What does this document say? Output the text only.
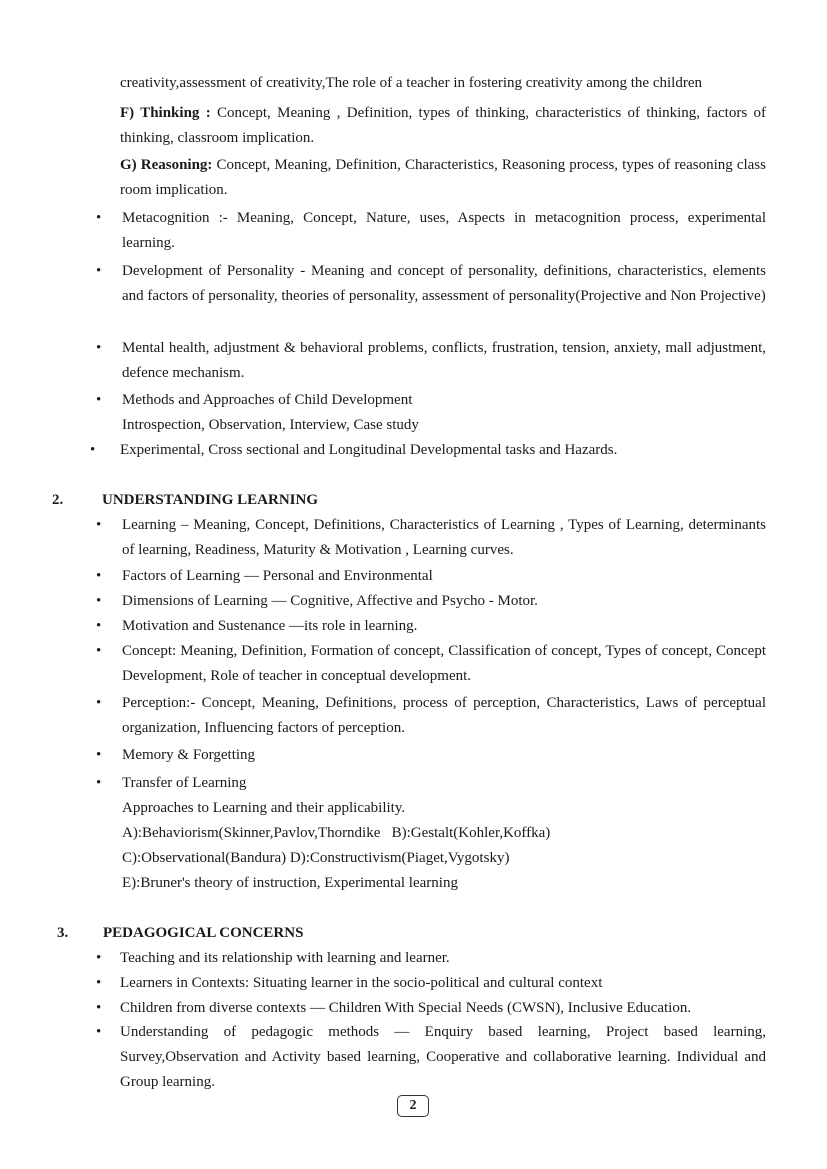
creativity,assessment of creativity,The role of a teacher in fostering creativity among the children
F) Thinking : Concept, Meaning , Definition, types of thinking, characteristics of thinking, factors of thinking, classroom implication.
G) Reasoning: Concept, Meaning, Definition, Characteristics, Reasoning process, types of reasoning class room implication.
•	Metacognition :- Meaning, Concept, Nature, uses, Aspects in metacognition process, experimental learning.
•	Development of Personality - Meaning and concept of personality, definitions, characteristics, elements and factors of personality, theories of personality, assessment of personality(Projective and Non Projective)
•	Mental health, adjustment & behavioral problems, conflicts, frustration, tension, anxiety, mall adjustment, defence mechanism.
•	Methods and Approaches of Child Development
Introspection, Observation, Interview, Case study
•	Experimental, Cross sectional and Longitudinal Developmental tasks and Hazards.
2.	UNDERSTANDING LEARNING
•	Learning – Meaning, Concept, Definitions, Characteristics of Learning , Types of Learning, determinants of learning, Readiness, Maturity & Motivation , Learning curves.
•	Factors of Learning — Personal and Environmental
•	Dimensions of Learning — Cognitive, Affective and Psycho - Motor.
•	Motivation and Sustenance —its role in learning.
•	Concept: Meaning, Definition, Formation of concept, Classification of concept, Types of concept, Concept Development, Role of teacher in conceptual development.
•	Perception:- Concept, Meaning, Definitions, process of perception, Characteristics, Laws of perceptual organization, Influencing factors of perception.
•	Memory & Forgetting
•	Transfer of Learning
Approaches to Learning and their applicability.
A):Behaviorism(Skinner,Pavlov,Thorndike   B):Gestalt(Kohler,Koffka)
C):Observational(Bandura) D):Constructivism(Piaget,Vygotsky)
E):Bruner's theory of instruction, Experimental learning
3. PEDAGOGICAL CONCERNS
•	Teaching and its relationship with learning and learner.
•	Learners in Contexts: Situating learner in the socio-political and cultural context
•	Children from diverse contexts — Children With Special Needs (CWSN), Inclusive Education.
•	Understanding of pedagogic methods — Enquiry based learning, Project based learning, Survey,Observation and Activity based learning, Cooperative and collaborative learning. Individual and Group learning.
2
